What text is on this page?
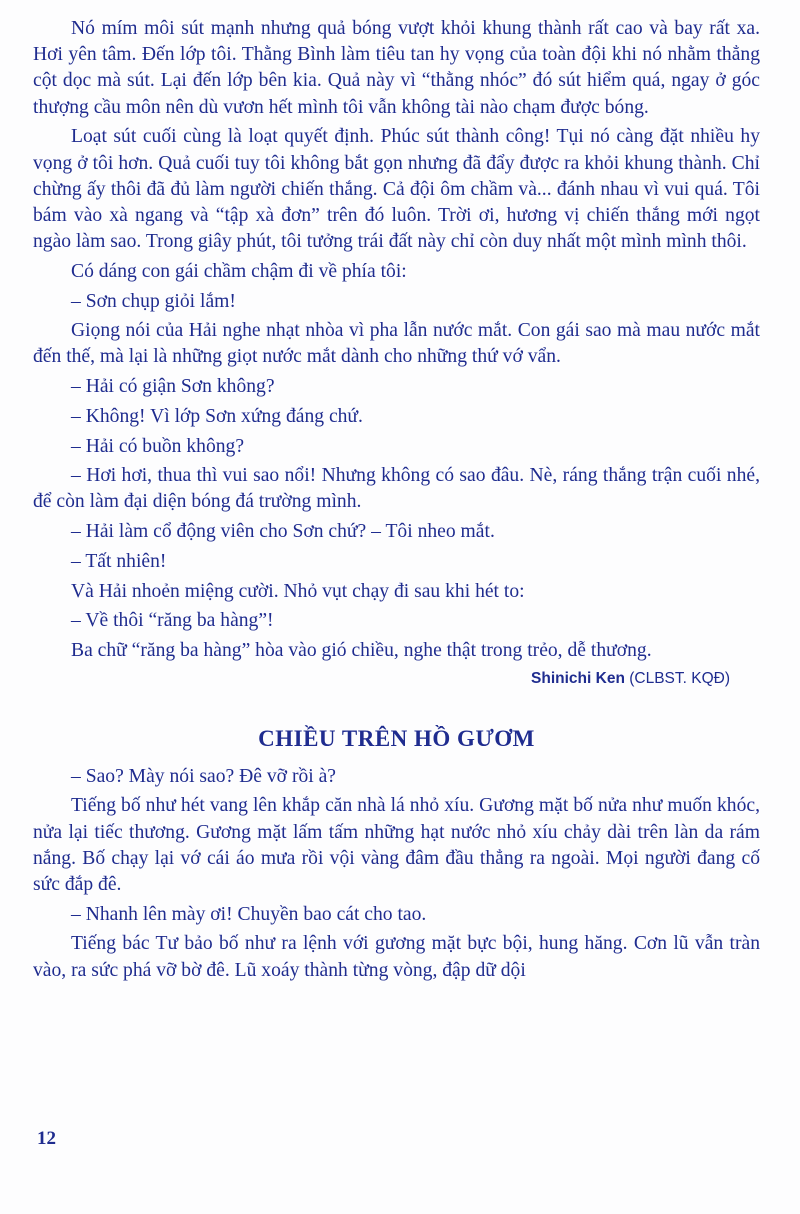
Nó mím môi sút mạnh nhưng quả bóng vượt khỏi khung thành rất cao và bay rất xa. Hơi yên tâm. Đến lớp tôi. Thằng Bình làm tiêu tan hy vọng của toàn đội khi nó nhằm thẳng cột dọc mà sút. Lại đến lớp bên kia. Quả này vì “thằng nhóc” đó sút hiểm quá, ngay ở góc thượng cầu môn nên dù vươn hết mình tôi vẫn không tài nào chạm được bóng.

Loạt sút cuối cùng là loạt quyết định. Phúc sút thành công! Tụi nó càng đặt nhiều hy vọng ở tôi hơn. Quả cuối tuy tôi không bắt gọn nhưng đã đẩy được ra khỏi khung thành. Chỉ chừng ấy thôi đã đủ làm người chiến thắng. Cả đội ôm chầm và... đánh nhau vì vui quá. Tôi bám vào xà ngang và “tập xà đơn” trên đó luôn. Trời ơi, hương vị chiến thắng mới ngọt ngào làm sao. Trong giây phút, tôi tưởng trái đất này chỉ còn duy nhất một mình mình thôi.

Có dáng con gái chầm chậm đi về phía tôi:

– Sơn chụp giỏi lắm!

Giọng nói của Hải nghe nhạt nhòa vì pha lẫn nước mắt. Con gái sao mà mau nước mắt đến thế, mà lại là những giọt nước mắt dành cho những thứ vớ vẩn.

– Hải có giận Sơn không?

– Không! Vì lớp Sơn xứng đáng chứ.

– Hải có buồn không?

– Hơi hơi, thua thì vui sao nổi! Nhưng không có sao đâu. Nè, ráng thắng trận cuối nhé, để còn làm đại diện bóng đá trường mình.

– Hải làm cổ động viên cho Sơn chứ? – Tôi nheo mắt.

– Tất nhiên!

Và Hải nhoẻn miệng cười. Nhỏ vụt chạy đi sau khi hét to:

– Về thôi “răng ba hàng”!

Ba chữ “răng ba hàng” hòa vào gió chiều, nghe thật trong trẻo, dễ thương.

Shinichi Ken (CLBST. KQĐ)

CHIỀU TRÊN HỒ GƯƠM

– Sao? Mày nói sao? Đê vỡ rồi à?

Tiếng bố như hét vang lên khắp căn nhà lá nhỏ xíu. Gương mặt bố nửa như muốn khóc, nửa lại tiếc thương. Gương mặt lấm tấm những hạt nước nhỏ xíu chảy dài trên làn da rám nắng. Bố chạy lại vớ cái áo mưa rồi vội vàng đâm đầu thẳng ra ngoài. Mọi người đang cố sức đắp đê.

– Nhanh lên mày ơi! Chuyền bao cát cho tao.

Tiếng bác Tư bảo bố như ra lệnh với gương mặt bực bội, hung hăng. Cơn lũ vẫn tràn vào, ra sức phá vỡ bờ đê. Lũ xoáy thành từng vòng, đập dữ dội

12
